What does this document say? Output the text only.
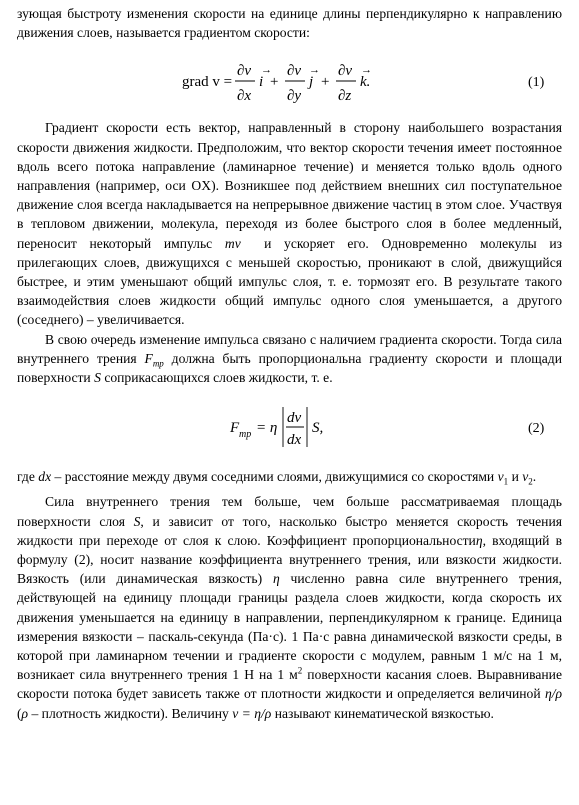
зующая быстроту изменения скорости на единице длины перпендикулярно к направлению движения слоев, называется градиентом скорости:

grad v =
∂v
∂x
i
→
+
∂v
∂y
j
→
+
∂v
∂z
k.
→
(1)

Градиент скорости есть вектор, направленный в сторону наибольшего возрастания скорости движения жидкости. Предположим, что вектор скорости течения имеет постоянное вдоль всего потока направление (ламинарное течение) и меняется только вдоль одного направления (например, оси OX). Возникшее под действием внешних сил поступательное движение слоя всегда накладывается на непрерывное движение частиц в этом слое. Участвуя в тепловом движении, молекула, переходя из более быстрого слоя в более медленный, переносит некоторый импульс mv⃗ и ускоряет его. Одновременно молекулы из прилегающих слоев, движущихся с меньшей скоростью, проникают в слой, движущийся быстрее, и этим уменьшают общий импульс слоя, т. е. тормозят его. В результате такого взаимодействия слоев жидкости общий импульс одного слоя уменьшается, а другого (соседнего) – увеличивается.

В свою очередь изменение импульса связано с наличием градиента скорости. Тогда сила внутреннего трения $F_{тр}$ должна быть пропорциональна градиенту скорости и площади поверхности S соприкасающихся слоев жидкости, т. е.

F тр = η
dv
dx
S,	(2)

где dx – расстояние между двумя соседними слоями, движущимися со скоростями $v_1$ и $v_2$.

Сила внутреннего трения тем больше, чем больше рассматриваемая площадь поверхности слоя S, и зависит от того, насколько быстро меняется скорость течения жидкости при переходе от слоя к слою. Коэффициент пропорциональностиη, входящий в формулу (2), носит название коэффициента внутреннего трения, или вязкости жидкости. Вязкость (или динамическая вязкость) η численно равна силе внутреннего трения, действующей на единицу площади границы раздела слоев жидкости, когда скорость их движения уменьшается на единицу в направлении, перпендикулярном к границе. Единица измерения вязкости – паскаль-секунда (Па·с). 1 Па·с равна динамической вязкости среды, в которой при ламинарном течении и градиенте скорости с модулем, равным 1 м/с на 1 м, возникает сила внутреннего трения 1 Н на 1 $м^2$ поверхности касания слоев. Выравнивание скорости потока будет зависеть также от плотности жидкости и определяется величиной η/ρ (ρ – плотность жидкости). Величину ν = η/ρ называют кинематической вязкостью.
